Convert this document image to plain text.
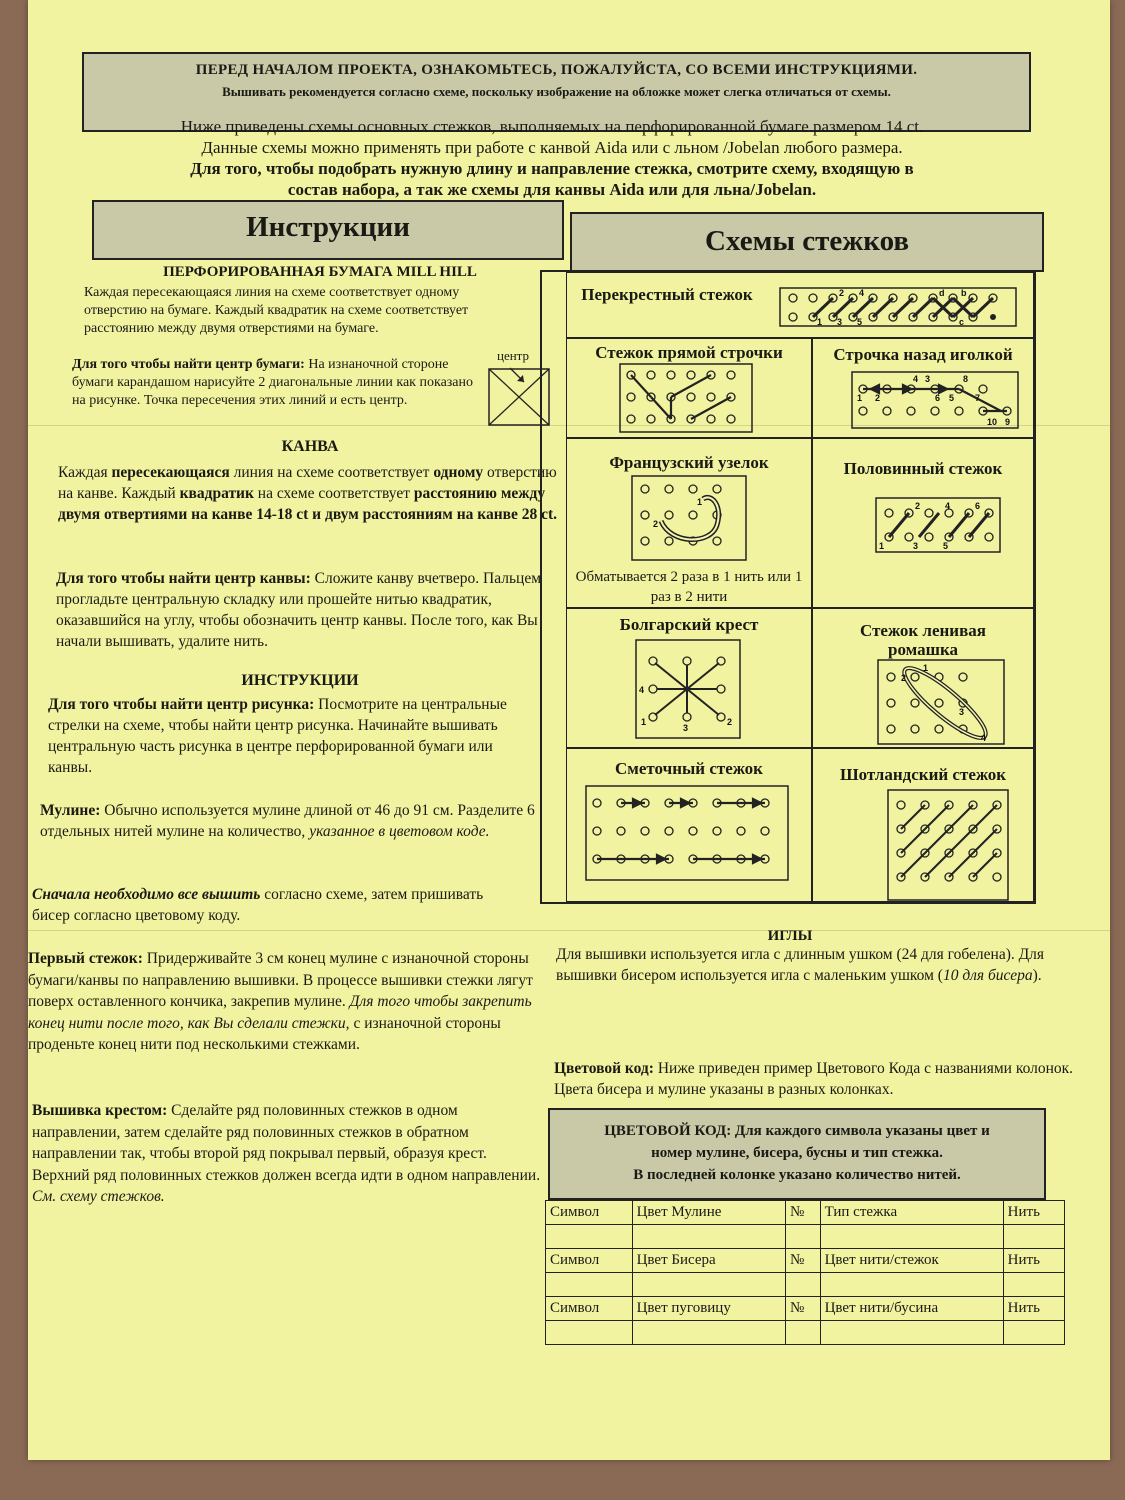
ПЕРЕД НАЧАЛОМ ПРОЕКТА, ОЗНАКОМЬТЕСЬ, ПОЖАЛУЙСТА, СО ВСЕМИ ИНСТРУКЦИЯМИ.
Вышивать рекомендуется согласно схеме, поскольку изображение на обложке может слегка отличаться от схемы.
Ниже приведены схемы основных стежков, выполняемых на перфорированной бумаге размером 14 ct.
Данные схемы можно применять при работе с канвой Aida или с льном /Jobelan любого размера.
Для того, чтобы подобрать нужную длину и направление стежка, смотрите схему, входящую в
состав набора, а так же схемы для канвы Aida или для льна/Jobelan.
Инструкции	Схемы стежков
ПЕРФОРИРОВАННАЯ БУМАГА MILL HILL
Каждая пересекающаяся линия на схеме соответствует одному отверстию на бумаге. Каждый квадратик на схеме соответствует расстоянию между двумя отверстиями на бумаге.
Для того чтобы найти центр бумаги: На изнаночной стороне бумаги карандашом нарисуйте 2 диагональные линии как показано на рисунке. Точка пересечения этих линий и есть центр.
центр
КАНВА
Каждая пересекающаяся линия на схеме соответствует одному отверстию на канве. Каждый квадратик на схеме соответствует расстоянию между двумя отвертиями на канве 14-18 ct и двум расстояниям на канве 28 ct.
Для того чтобы найти центр канвы: Сложите канву вчетверо. Пальцем прогладьте центральную складку или прошейте нитью квадратик, оказавшийся на углу, чтобы обозначить центр канвы. После того, как Вы начали вышивать, удалите нить.
ИНСТРУКЦИИ
Для того чтобы найти центр рисунка: Посмотрите на центральные стрелки на схеме, чтобы найти центр рисунка. Начинайте вышивать центральную часть рисунка в центре перфорированной бумаги или канвы.
Мулине: Обычно используется мулине длиной от 46 до 91 см. Разделите 6 отдельных нитей мулине на количество, указанное в цветовом коде.
Сначала необходимо все вышить согласно схеме, затем пришивать бисер согласно цветовому коду.
Первый стежок: Придерживайте 3 см конец мулине с изнаночной стороны бумаги/канвы по направлению вышивки. В процессе вышивки стежки лягут поверх оставленного кончика, закрепив мулине. Для того чтобы закрепить конец нити после того, как Вы сделали стежки, с изнаночной стороны проденьте конец нити под несколькими стежками.
Вышивка крестом: Сделайте ряд половинных стежков в одном направлении, затем сделайте ряд половинных стежков в обратном направлении так, чтобы второй ряд покрывал первый, образуя крест. Верхний ряд половинных стежков должен всегда идти в одном направлении. См. схему стежков.
Перекрестный стежок	2 4	d b
1 3 5	c
Стежок прямой строчки	Строчка назад иголкой
4 3	8
2
1	6 5 7
10 9
Французский узелок
1
2
Обматывается 2 раза в 1 нить или 1 раз в 2 нити
Половинный стежок
2	4	6
1	3	5
Болгарский крест
4
1
3
2
Стежок ленивая
ромашка
1
2
3
4
Сметочный стежок	Шотландский стежок
ИГЛЫ
Для вышивки используется игла с длинным ушком (24 для гобелена). Для вышивки бисером используется игла с маленьким ушком (10 для бисера).
Цветовой код: Ниже приведен пример Цветового Кода с названиями колонок. Цвета бисера и мулине указаны в разных колонках.
ЦВЕТОВОЙ КОД: Для каждого символа указаны цвет и
номер мулине, бисера, бусны и тип стежка.
В последней колонке указано количество нитей.
Символ	Цвет Мулине	№	Тип стежка	Нить

Символ	Цвет Бисера	№	Цвет нити/стежок	Нить

Символ	Цвет пуговицу	№	Цвет нити/бусина	Нить
